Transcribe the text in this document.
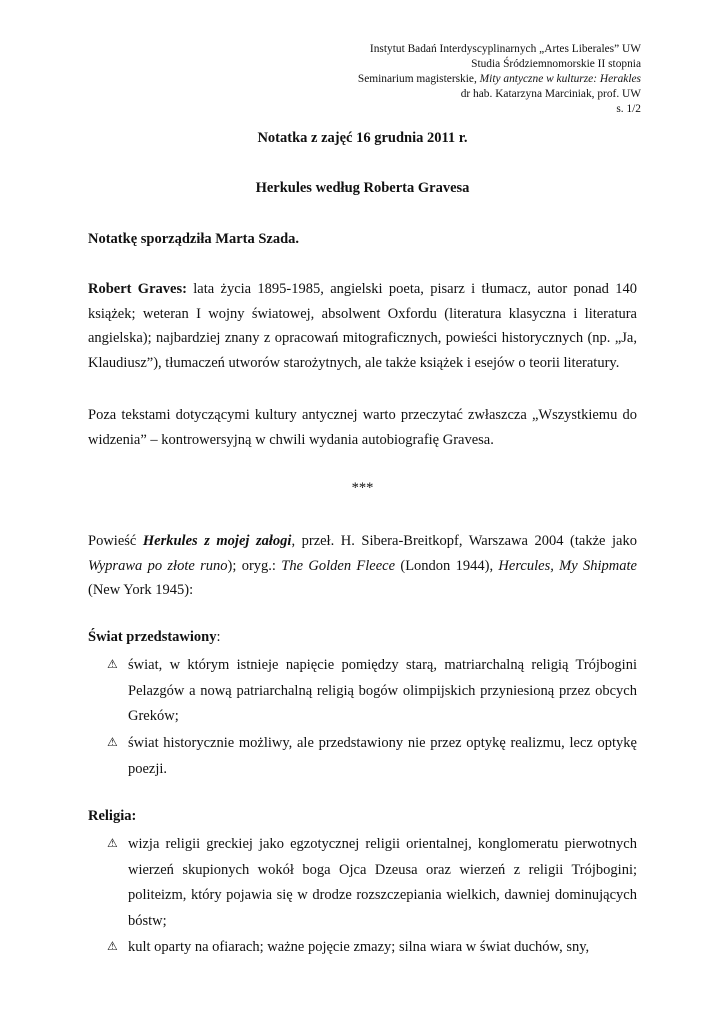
Instytut Badań Interdyscyplinarnych „Artes Liberales” UW
Studia Śródziemnomorskie II stopnia
Seminarium magisterskie, Mity antyczne w kulturze: Herakles
dr hab. Katarzyna Marciniak, prof. UW
s. 1/2
Notatka z zajęć 16 grudnia 2011 r.
Herkules według Roberta Gravesa
Notatkę sporządziła Marta Szada.
Robert Graves: lata życia 1895-1985, angielski poeta, pisarz i tłumacz, autor ponad 140 książek; weteran I wojny światowej, absolwent Oxfordu (literatura klasyczna i literatura angielska); najbardziej znany z opracowań mitograficznych, powieści historycznych (np. „Ja, Klaudiusz”), tłumaczeń utworów starożytnych, ale także książek i esejów o teorii literatury.
Poza tekstami dotyczącymi kultury antycznej warto przeczytać zwłaszcza „Wszystkiemu do widzenia” – kontrowersyjną w chwili wydania autobiografię Gravesa.
***
Powieść Herkules z mojej załogi, przeł. H. Sibera-Breitkopf, Warszawa 2004 (także jako Wyprawa po złote runo); oryg.: The Golden Fleece (London 1944), Hercules, My Shipmate (New York 1945):
Świat przedstawiony:
⚠ świat, w którym istnieje napięcie pomiędzy starą, matriarchalną religią Trójbogini Pelazgów a nową patriarchalną religią bogów olimpijskich przyniesioną przez obcych Greków;
⚠ świat historycznie możliwy, ale przedstawiony nie przez optykę realizmu, lecz optykę poezji.
Religia:
⚠ wizja religii greckiej jako egzotycznej religii orientalnej, konglomeratu pierwotnych wierzeń skupionych wokół boga Ojca Dzeusa oraz wierzeń z religii Trójbogini; politeizm, który pojawia się w drodze rozszczepiania wielkich, dawniej dominujących bóstw;
⚠ kult oparty na ofiarach; ważne pojęcie zmazy; silna wiara w świat duchów, sny,
